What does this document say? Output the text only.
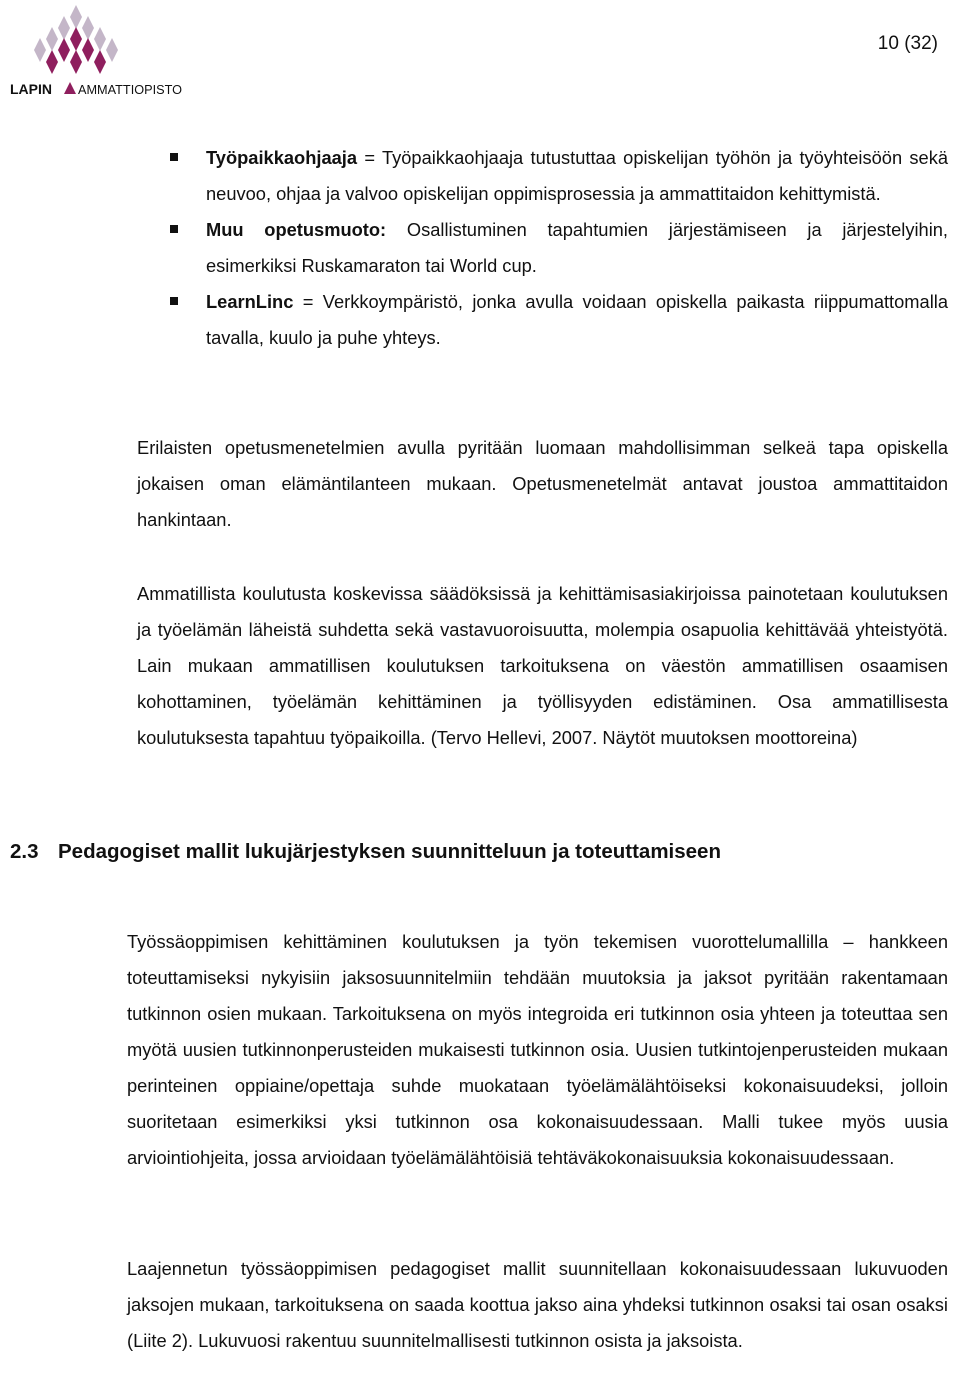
LAPIN AMMATTIOPISTO
10 (32)
Työpaikkaohjaaja = Työpaikkaohjaaja tutustuttaa opiskelijan työhön ja työyhteisöön sekä neuvoo, ohjaa ja valvoo opiskelijan oppimisprosessia ja ammattitaidon kehittymistä.
Muu opetusmuoto: Osallistuminen tapahtumien järjestämiseen ja järjestelyihin, esimerkiksi Ruskamaraton tai World cup.
LearnLinc = Verkkoympäristö, jonka avulla voidaan opiskella paikasta riippumattomalla tavalla, kuulo ja puhe yhteys.

Erilaisten opetusmenetelmien avulla pyritään luomaan mahdollisimman selkeä tapa opiskella jokaisen oman elämäntilanteen mukaan. Opetusmenetelmät antavat joustoa ammattitaidon hankintaan.

Ammatillista koulutusta koskevissa säädöksissä ja kehittämisasiakirjoissa painotetaan koulutuksen ja työelämän läheistä suhdetta sekä vastavuoroisuutta, molempia osapuolia kehittävää yhteistyötä. Lain mukaan ammatillisen koulutuksen tarkoituksena on väestön ammatillisen osaamisen kohottaminen, työelämän kehittäminen ja työllisyyden edistäminen. Osa ammatillisesta koulutuksesta tapahtuu työpaikoilla. (Tervo Hellevi, 2007. Näytöt muutoksen moottoreina)

2.3 Pedagogiset mallit lukujärjestyksen suunnitteluun ja toteuttamiseen

Työssäoppimisen kehittäminen koulutuksen ja työn tekemisen vuorottelumallilla – hankkeen toteuttamiseksi nykyisiin jaksosuunnitelmiin tehdään muutoksia ja jaksot pyritään rakentamaan tutkinnon osien mukaan. Tarkoituksena on myös integroida eri tutkinnon osia yhteen ja toteuttaa sen myötä uusien tutkinnonperusteiden mukaisesti tutkinnon osia. Uusien tutkintojenperusteiden mukaan perinteinen oppiaine/opettaja suhde muokataan työelämälähtöiseksi kokonaisuudeksi, jolloin suoritetaan esimerkiksi yksi tutkinnon osa kokonaisuudessaan. Malli tukee myös uusia arviointiohjeita, jossa arvioidaan työelämälähtöisiä tehtäväkokonaisuuksia kokonaisuudessaan.

Laajennetun työssäoppimisen pedagogiset mallit suunnitellaan kokonaisuudessaan lukuvuoden jaksojen mukaan, tarkoituksena on saada koottua jakso aina yhdeksi tutkinnon osaksi tai osan osaksi (Liite 2). Lukuvuosi rakentuu suunnitelmallisesti tutkinnon osista ja jaksoista.
